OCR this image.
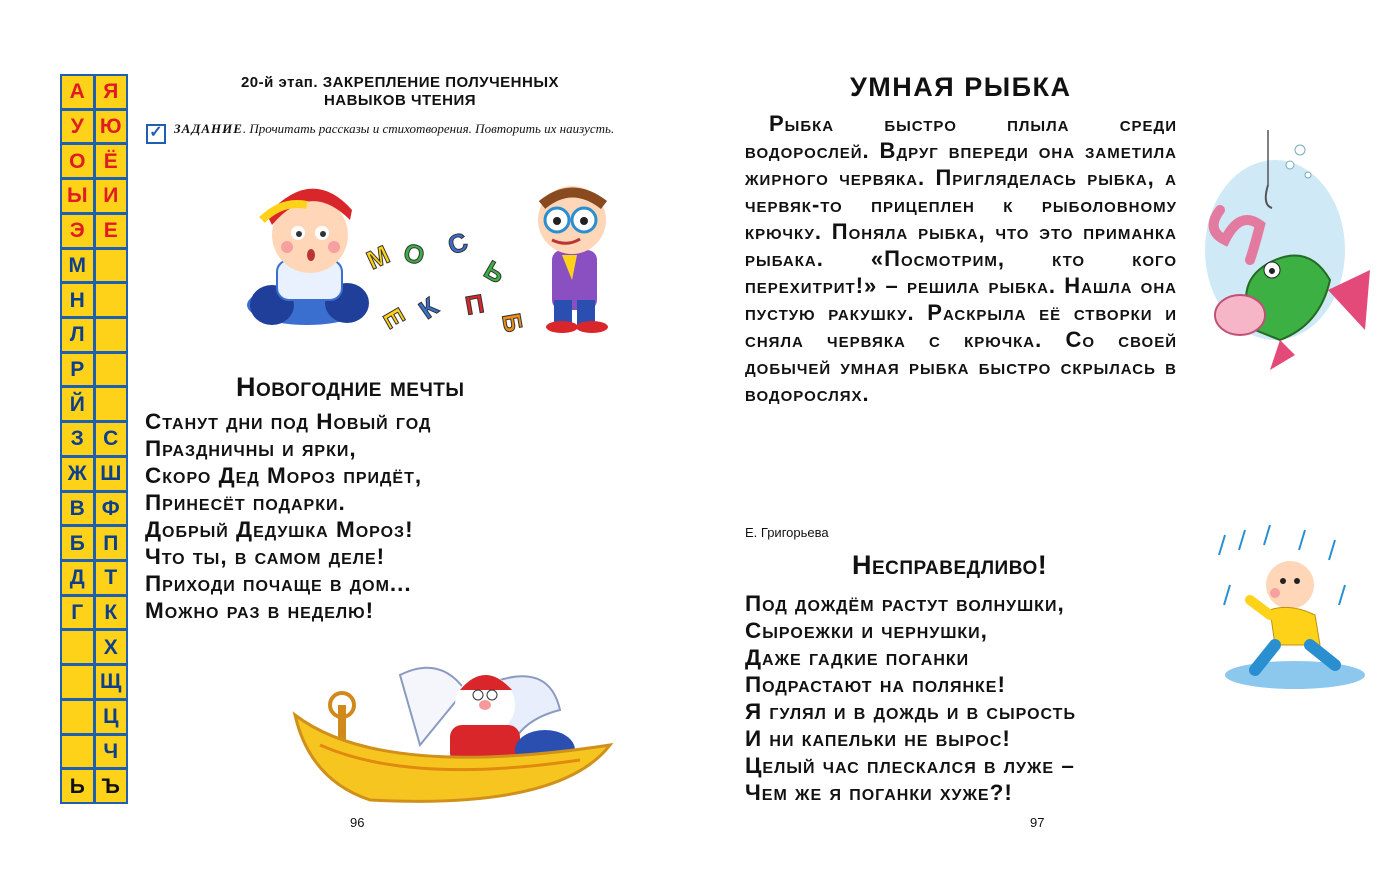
А Я
У Ю
О Ё
Ы И
Э Е
М
Н
Л
Р
Й
З С
Ж Ш
В Ф
Б П
Д Т
Г	К
Х
Щ
Ц
Ч
Ь Ъ
20-й этап. ЗАКРЕПЛЕНИЕ ПОЛУЧЕННЫХ
НАВЫКОВ ЧТЕНИЯ
✓ ЗАДАНИЕ. Прочитать рассказы и стихотворения. Повторить их наизусть.
М О С
Ь
Б
П
К
Е
Новогодние мечты
Станут дни под Новый год
Праздничны и ярки,
Скоро Дед Мороз придёт,
Принесёт подарки.
Добрый Дедушка Мороз!
Что ты, в самом деле!
Приходи почаще в дом...
Можно раз в неделю!
96
УМНАЯ РЫБКА

Рыбка быстро плыла среди водорослей. Вдруг впереди она заметила жирного червяка. Пригляделась рыбка, а червяк-то прицеплен к рыболовному крючку. Поняла рыбка, что это приманка рыбака. «Посмотрим, кто кого перехитрит!» – решила рыбка. Нашла она пустую ракушку. Раскрыла её створки и сняла червяка с крючка. Со своей добычей умная рыбка быстро скрылась в водорослях.

Е. Григорьева
Несправедливо!
Под дождём растут волнушки,
Сыроежки и чернушки,
Даже гадкие поганки
Подрастают на полянке!
Я гулял и в дождь и в сырость
И ни капельки не вырос!
Целый час плескался в луже –
Чем же я поганки хуже?!
97
